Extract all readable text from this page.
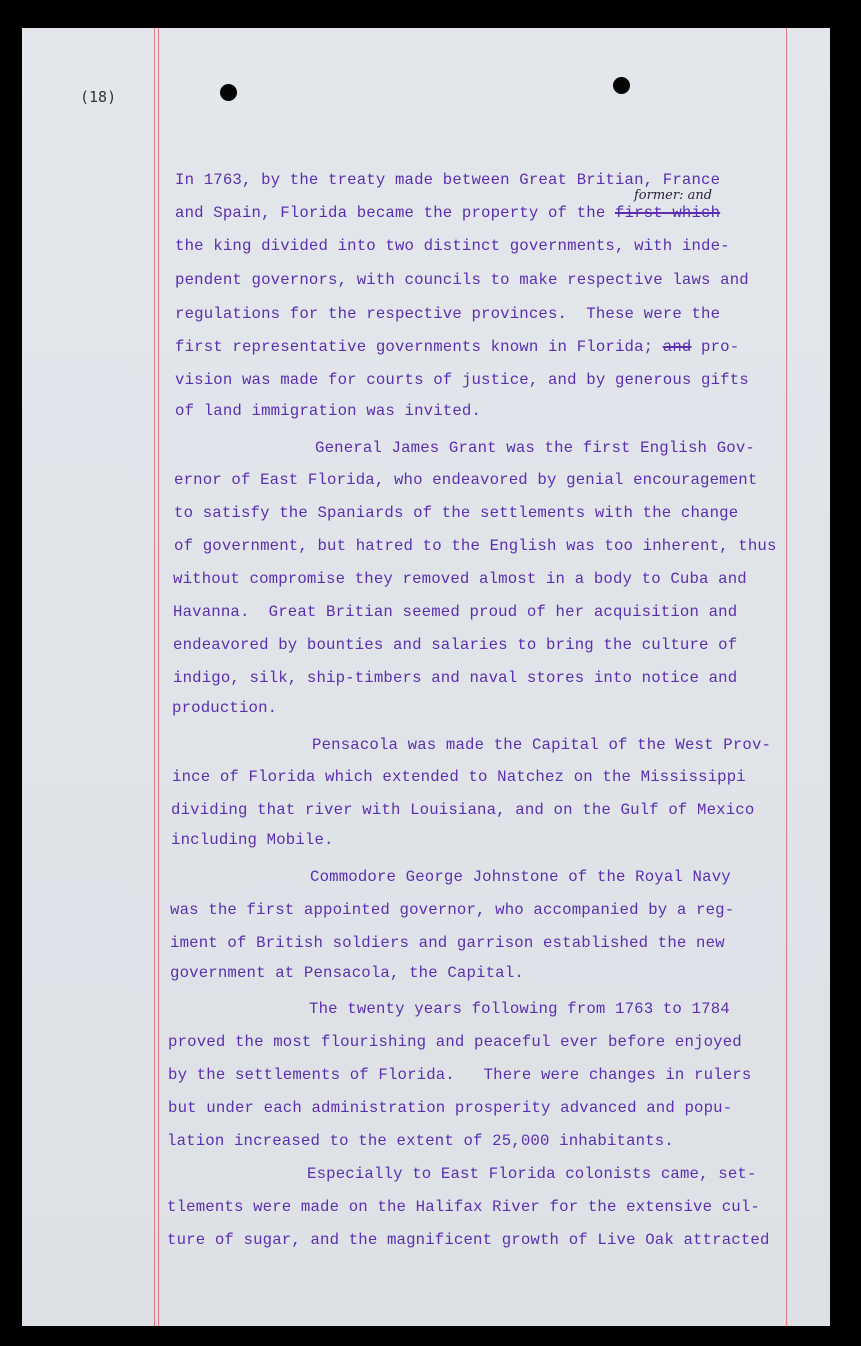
(18)
In 1763, by the treaty made between Great Britian, France
and Spain, Florida became the property of the first which
former: and
the king divided into two distinct governments, with inde-
pendent governors, with councils to make respective laws and
regulations for the respective provinces.  These were the
first representative governments known in Florida; and pro-
vision was made for courts of justice, and by generous gifts
of land immigration was invited.
General James Grant was the first English Gov-
ernor of East Florida, who endeavored by genial encouragement
to satisfy the Spaniards of the settlements with the change
of government, but hatred to the English was too inherent, thus
without compromise they removed almost in a body to Cuba and
Havanna.  Great Britian seemed proud of her acquisition and
endeavored by bounties and salaries to bring the culture of
indigo, silk, ship-timbers and naval stores into notice and
production.
Pensacola was made the Capital of the West Prov-
ince of Florida which extended to Natchez on the Mississippi
dividing that river with Louisiana, and on the Gulf of Mexico
including Mobile.
Commodore George Johnstone of the Royal Navy
was the first appointed governor, who accompanied by a reg-
iment of British soldiers and garrison established the new
government at Pensacola, the Capital.
The twenty years following from 1763 to 1784
proved the most flourishing and peaceful ever before enjoyed
by the settlements of Florida.   There were changes in rulers
but under each administration prosperity advanced and popu-
lation increased to the extent of 25,000 inhabitants.
Especially to East Florida colonists came, set-
tlements were made on the Halifax River for the extensive cul-
ture of sugar, and the magnificent growth of Live Oak attracted
